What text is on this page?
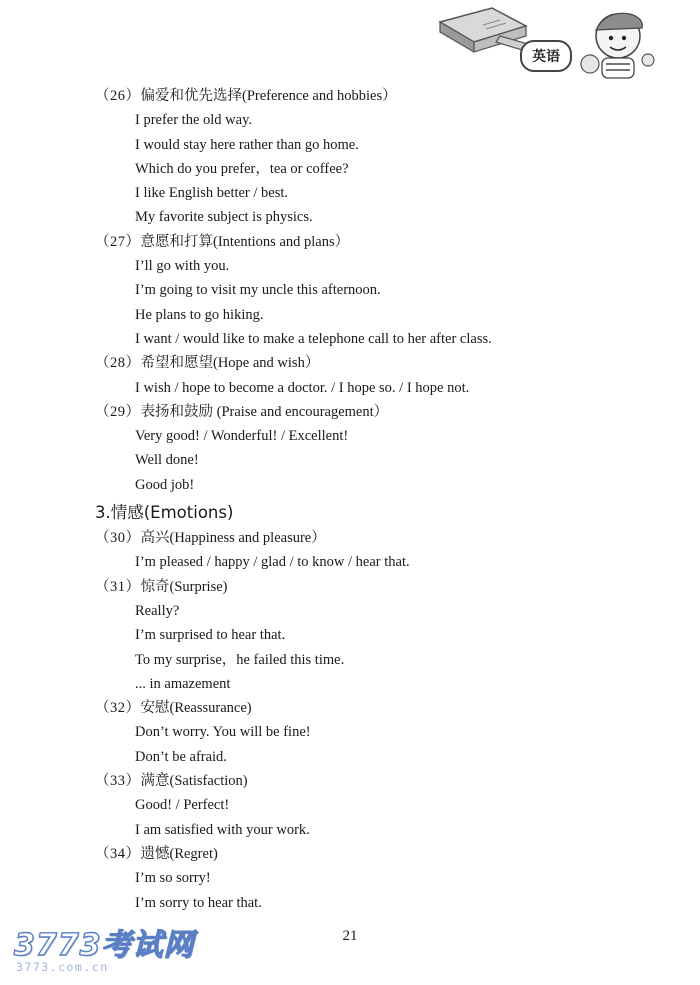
英语
（26）偏爱和优先选择(Preference and hobbies）
I prefer the old way.
I would stay here rather than go home.
Which do you prefer，tea or coffee?
I like English better / best.
My favorite subject is physics.
（27）意愿和打算(Intentions and plans）
I’ll go with you.
I’m going to visit my uncle this afternoon.
He plans to go hiking.
I want / would like to make a telephone call to her after class.
（28）希望和愿望(Hope and wish）
I wish / hope to become a doctor. / I hope so. / I hope not.
（29）表扬和鼓励 (Praise and encouragement）
Very good! / Wonderful! / Excellent!
Well done!
Good job!
3.情感(Emotions)
（30）高兴(Happiness and pleasure）
I’m pleased / happy / glad / to know / hear that.
（31）惊奇(Surprise)
Really?
I’m surprised to hear that.
To my surprise，he failed this time.
... in amazement
（32）安慰(Reassurance)
Don’t worry. You will be fine!
Don’t be afraid.
（33）满意(Satisfaction)
Good! / Perfect!
I am satisfied with your work.
（34）遗憾(Regret)
I’m so sorry!
I’m sorry to hear that.
21
3773考试网
3773.com.cn
